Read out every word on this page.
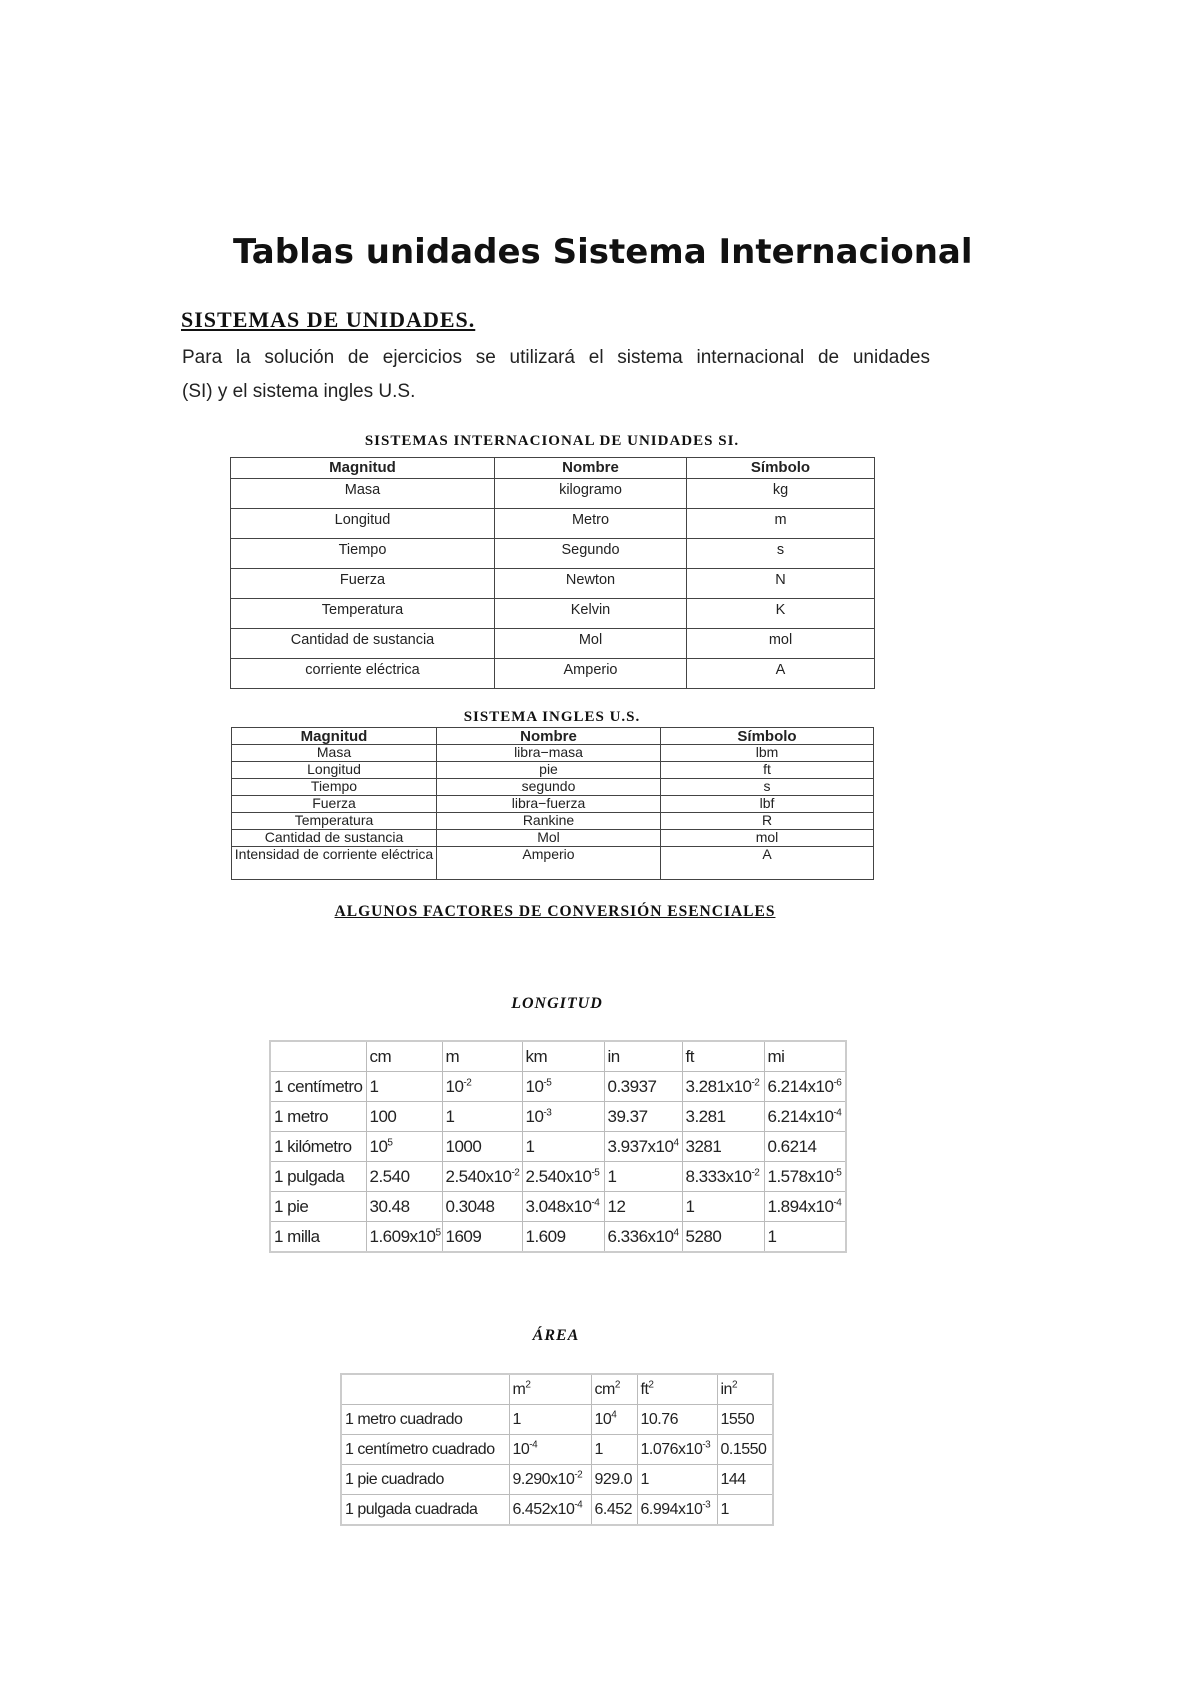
Tablas unidades Sistema Internacional
SISTEMAS DE UNIDADES.
Para la solución de ejercicios se utilizará el sistema internacional de unidades
(SI) y el sistema ingles U.S.
SISTEMAS INTERNACIONAL DE UNIDADES SI.
Magnitud	Nombre	Símbolo
Masa	kilogramo	kg
Longitud	Metro	m
Tiempo	Segundo	s
Fuerza	Newton	N
Temperatura	Kelvin	K
Cantidad de sustancia	Mol	mol
corriente eléctrica	Amperio	A
SISTEMA INGLES U.S.
Magnitud	Nombre	Símbolo
Masa	libra−masa	lbm
Longitud	pie	ft
Tiempo	segundo	s
Fuerza	libra−fuerza	lbf
Temperatura	Rankine	R
Cantidad de sustancia	Mol	mol
Intensidad de corriente eléctrica	Amperio	A
ALGUNOS FACTORES DE CONVERSIÓN ESENCIALES
LONGITUD
	cm	m	km	in	ft	mi
1 centímetro	1	$10^{-2}$	$10^{-5}$	0.3937	$3.281x10^{-2}$	$6.214x10^{-6}$
1 metro	100	1	$10^{-3}$	39.37	3.281	$6.214x10^{-4}$
1 kilómetro	$10^5$	1000	1	$3.937x10^4$	3281	0.6214
1 pulgada	2.540	$2.540x10^{-2}$	$2.540x10^{-5}$	1	$8.333x10^{-2}$	$1.578x10^{-5}$
1 pie	30.48	0.3048	$3.048x10^{-4}$	12	1	$1.894x10^{-4}$
1 milla	$1.609x10^5$	1609	1.609	$6.336x10^4$	5280	1
ÁREA
	$m^2$	$cm^2$	$ft^2$	$in^2$
1 metro cuadrado	1	$10^4$	10.76	1550
1 centímetro cuadrado	$10^{-4}$	1	$1.076x10^{-3}$	0.1550
1 pie cuadrado	$9.290x10^{-2}$	929.0	1	144
1 pulgada cuadrada	$6.452x10^{-4}$	6.452	$6.994x10^{-3}$	1
